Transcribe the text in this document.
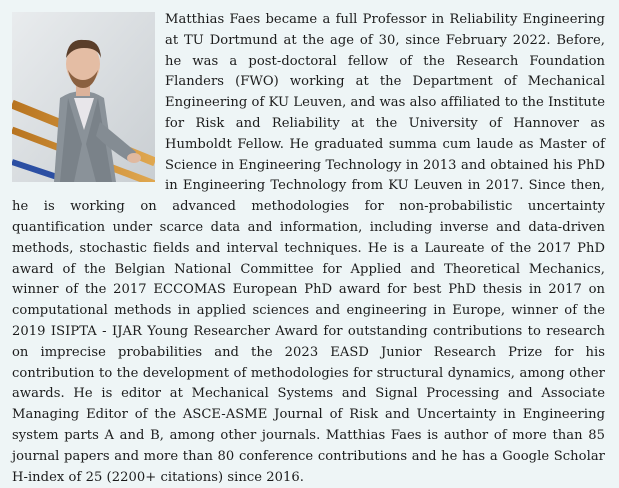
Matthias Faes became a full Professor in Reliability Engineering at TU Dortmund at the age of 30, since February 2022. Before, he was a post-doctoral fellow of the Research Foundation Flanders (FWO) working at the Department of Mechanical Engineering of KU Leuven, and was also affiliated to the Institute for Risk and Reliability at the University of Hannover as Humboldt Fellow. He graduated summa cum laude as Master of Science in Engineering Technology in 2013 and obtained his PhD in Engineering Technology from KU Leuven in 2017. Since then, he is working on advanced methodologies for non-probabilistic uncertainty quantification under scarce data and information, including inverse and data-driven methods, stochastic fields and interval techniques. He is a Laureate of the 2017 PhD award of the Belgian National Committee for Applied and Theoretical Mechanics, winner of the 2017 ECCOMAS European PhD award for best PhD thesis in 2017 on computational methods in applied sciences and engineering in Europe, winner of the 2019 ISIPTA - IJAR Young Researcher Award for outstanding contributions to research on imprecise probabilities and the 2023 EASD Junior Research Prize for his contribution to the development of methodologies for structural dynamics, among other awards. He is editor at Mechanical Systems and Signal Processing and Associate Managing Editor of the ASCE-ASME Journal of Risk and Uncertainty in Engineering system parts A and B, among other journals. Matthias Faes is author of more than 85 journal papers and more than 80 conference contributions and he has a Google Scholar H-index of 25 (2200+ citations) since 2016.
